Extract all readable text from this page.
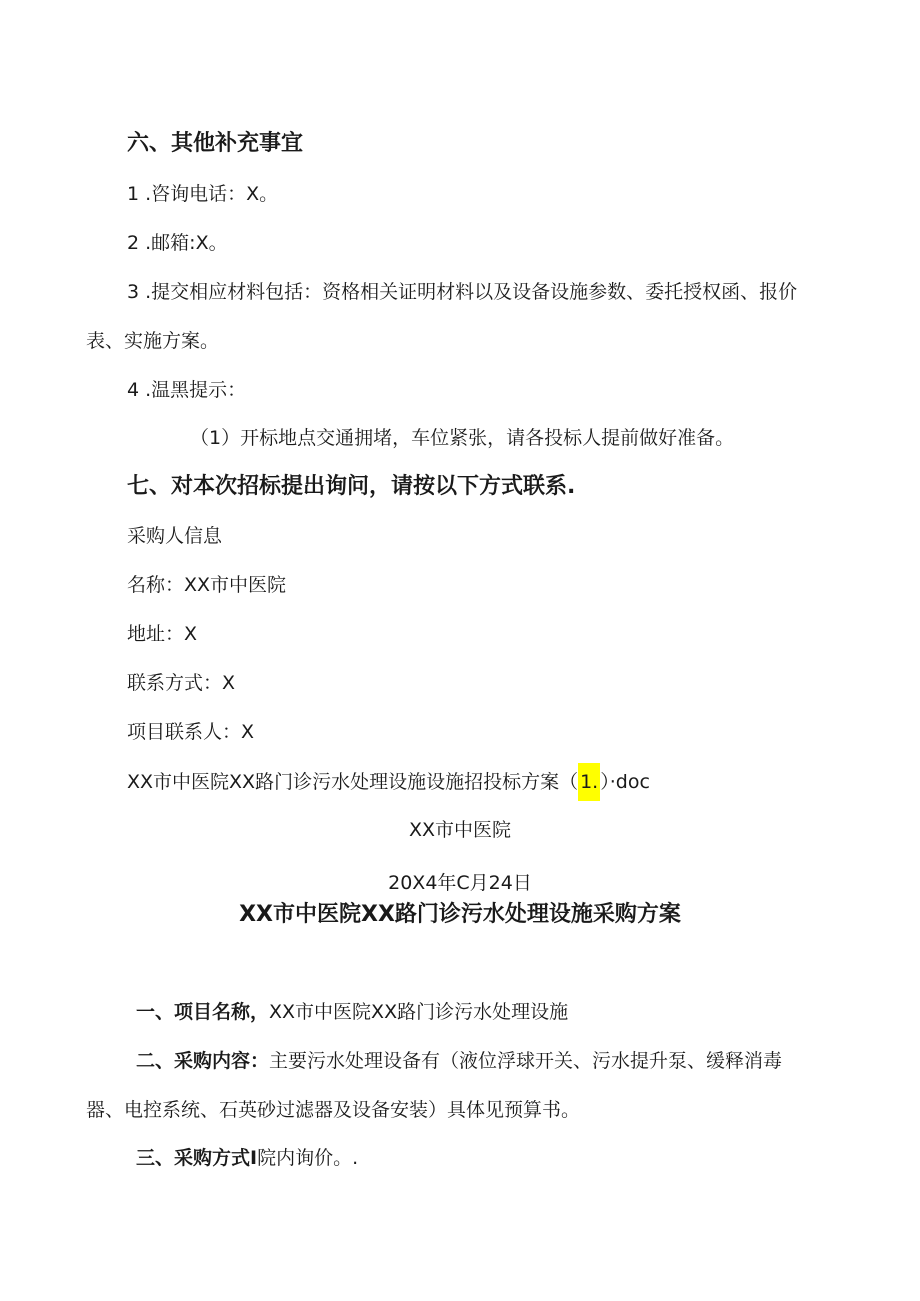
六、其他补充事宜
1 .咨询电话：X。
2 .邮箱:X。
3 .提交相应材料包括：资格相关证明材料以及设备设施参数、委托授权函、报价
表、实施方案。
4 .温黑提示：
（1）开标地点交通拥堵，车位紧张，请各投标人提前做好准备。
七、对本次招标提出询问，请按以下方式联系.
采购人信息
名称：XX市中医院
地址：X
联系方式：X
项目联系人：X
XX市中医院XX路门诊污水处理设施设施招投标方案（ 1. ）·doc
XX市中医院
20X4年C月24日
XX市中医院XX路门诊污水处理设施采购方案
一、项目名称，XX市中医院XX路门诊污水处理设施
二、采购内容：主要污水处理设备有（液位浮球开关、污水提升泵、缓释消毒
器、电控系统、石英砂过滤器及设备安装）具体见预算书。
三、采购方式I院内询价。.
